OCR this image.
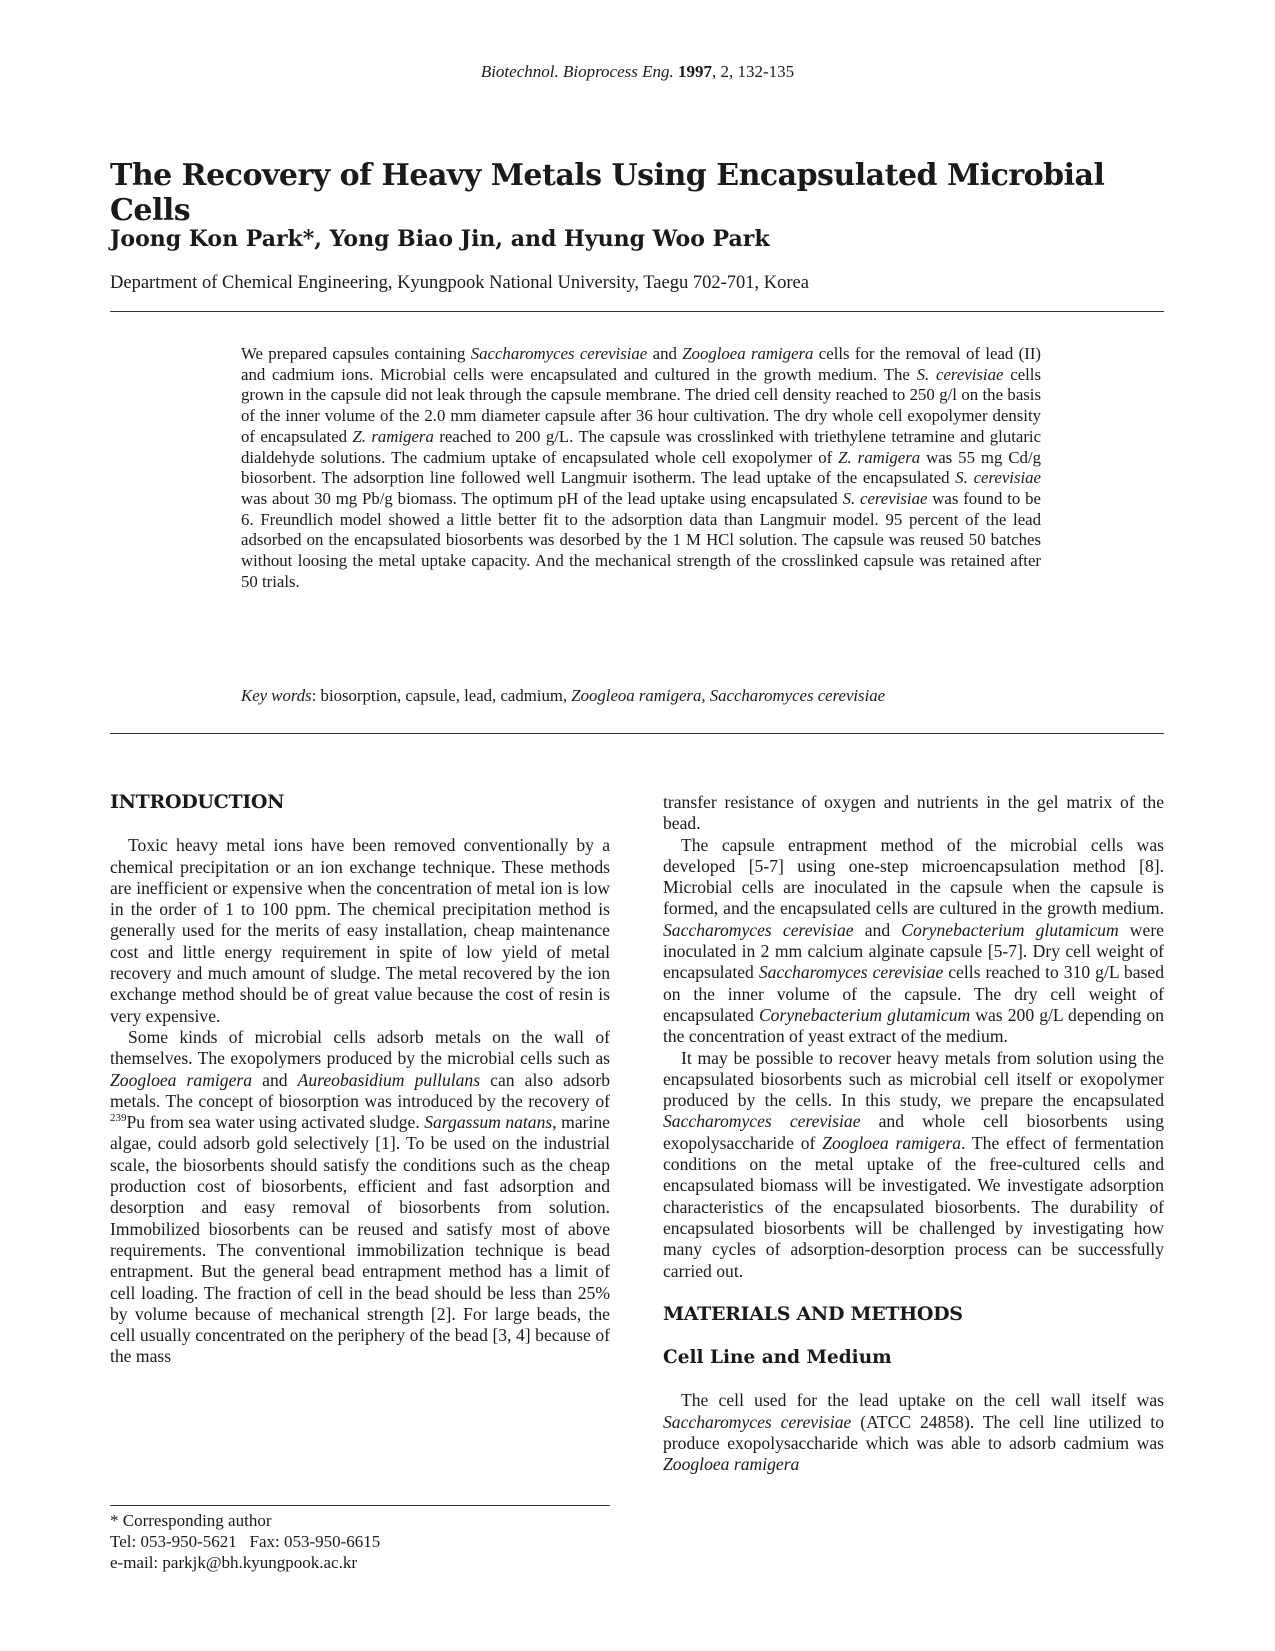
Biotechnol. Bioprocess Eng. 1997, 2, 132-135
The Recovery of Heavy Metals Using Encapsulated Microbial Cells
Joong Kon Park*, Yong Biao Jin, and Hyung Woo Park

Department of Chemical Engineering, Kyungpook National University, Taegu 702-701, Korea

We prepared capsules containing Saccharomyces cerevisiae and Zoogloea ramigera cells for the removal of lead (II) and cadmium ions. Microbial cells were encapsulated and cultured in the growth medium. The S. cerevisiae cells grown in the capsule did not leak through the capsule membrane. The dried cell density reached to 250 g/l on the basis of the inner volume of the 2.0 mm diameter capsule after 36 hour cultivation. The dry whole cell exopolymer density of encapsulated Z. ramigera reached to 200 g/L. The capsule was crosslinked with triethylene tetramine and glutaric dialdehyde solutions. The cadmium uptake of encapsulated whole cell exopolymer of Z. ramigera was 55 mg Cd/g biosorbent. The adsorption line followed well Langmuir isotherm. The lead uptake of the encapsulated S. cerevisiae was about 30 mg Pb/g biomass. The optimum pH of the lead uptake using encapsulated S. cerevisiae was found to be 6. Freundlich model showed a little better fit to the adsorption data than Langmuir model. 95 percent of the lead adsorbed on the encapsulated biosorbents was desorbed by the 1 M HCl solution. The capsule was reused 50 batches without loosing the metal uptake capacity. And the mechanical strength of the crosslinked capsule was retained after 50 trials.

Key words: biosorption, capsule, lead, cadmium, Zoogleoa ramigera, Saccharomyces cerevisiae

INTRODUCTION

Toxic heavy metal ions have been removed conventionally by a chemical precipitation or an ion exchange technique. These methods are inefficient or expensive when the concentration of metal ion is low in the order of 1 to 100 ppm. The chemical precipitation method is generally used for the merits of easy installation, cheap maintenance cost and little energy requirement in spite of low yield of metal recovery and much amount of sludge. The metal recovered by the ion exchange method should be of great value because the cost of resin is very expensive.

Some kinds of microbial cells adsorb metals on the wall of themselves. The exopolymers produced by the microbial cells such as Zoogloea ramigera and Aureobasidium pullulans can also adsorb metals. The concept of biosorption was introduced by the recovery of $^{239}$Pu from sea water using activated sludge. Sargassum natans, marine algae, could adsorb gold selectively [1]. To be used on the industrial scale, the biosorbents should satisfy the conditions such as the cheap production cost of biosorbents, efficient and fast adsorption and desorption and easy removal of biosorbents from solution. Immobilized biosorbents can be reused and satisfy most of above requirements. The conventional immobilization technique is bead entrapment. But the general bead entrapment method has a limit of cell loading. The fraction of cell in the bead should be less than 25% by volume because of mechanical strength [2]. For large beads, the cell usually concentrated on the periphery of the bead [3, 4] because of the mass

* Corresponding author
Tel: 053-950-5621 Fax: 053-950-6615
e-mail: parkjk@bh.kyungpook.ac.kr

transfer resistance of oxygen and nutrients in the gel matrix of the bead.

The capsule entrapment method of the microbial cells was developed [5-7] using one-step microencapsulation method [8]. Microbial cells are inoculated in the capsule when the capsule is formed, and the encapsulated cells are cultured in the growth medium. Saccharomyces cerevisiae and Corynebacterium glutamicum were inoculated in 2 mm calcium alginate capsule [5-7]. Dry cell weight of encapsulated Saccharomyces cerevisiae cells reached to 310 g/L based on the inner volume of the capsule. The dry cell weight of encapsulated Corynebacterium glutamicum was 200 g/L depending on the concentration of yeast extract of the medium.

It may be possible to recover heavy metals from solution using the encapsulated biosorbents such as microbial cell itself or exopolymer produced by the cells. In this study, we prepare the encapsulated Saccharomyces cerevisiae and whole cell biosorbents using exopolysaccharide of Zoogloea ramigera. The effect of fermentation conditions on the metal uptake of the free-cultured cells and encapsulated biomass will be investigated. We investigate adsorption characteristics of the encapsulated biosorbents. The durability of encapsulated biosorbents will be challenged by investigating how many cycles of adsorption-desorption process can be successfully carried out.

MATERIALS AND METHODS
Cell Line and Medium

The cell used for the lead uptake on the cell wall itself was Saccharomyces cerevisiae (ATCC 24858). The cell line utilized to produce exopolysaccharide which was able to adsorb cadmium was Zoogloea ramigera
